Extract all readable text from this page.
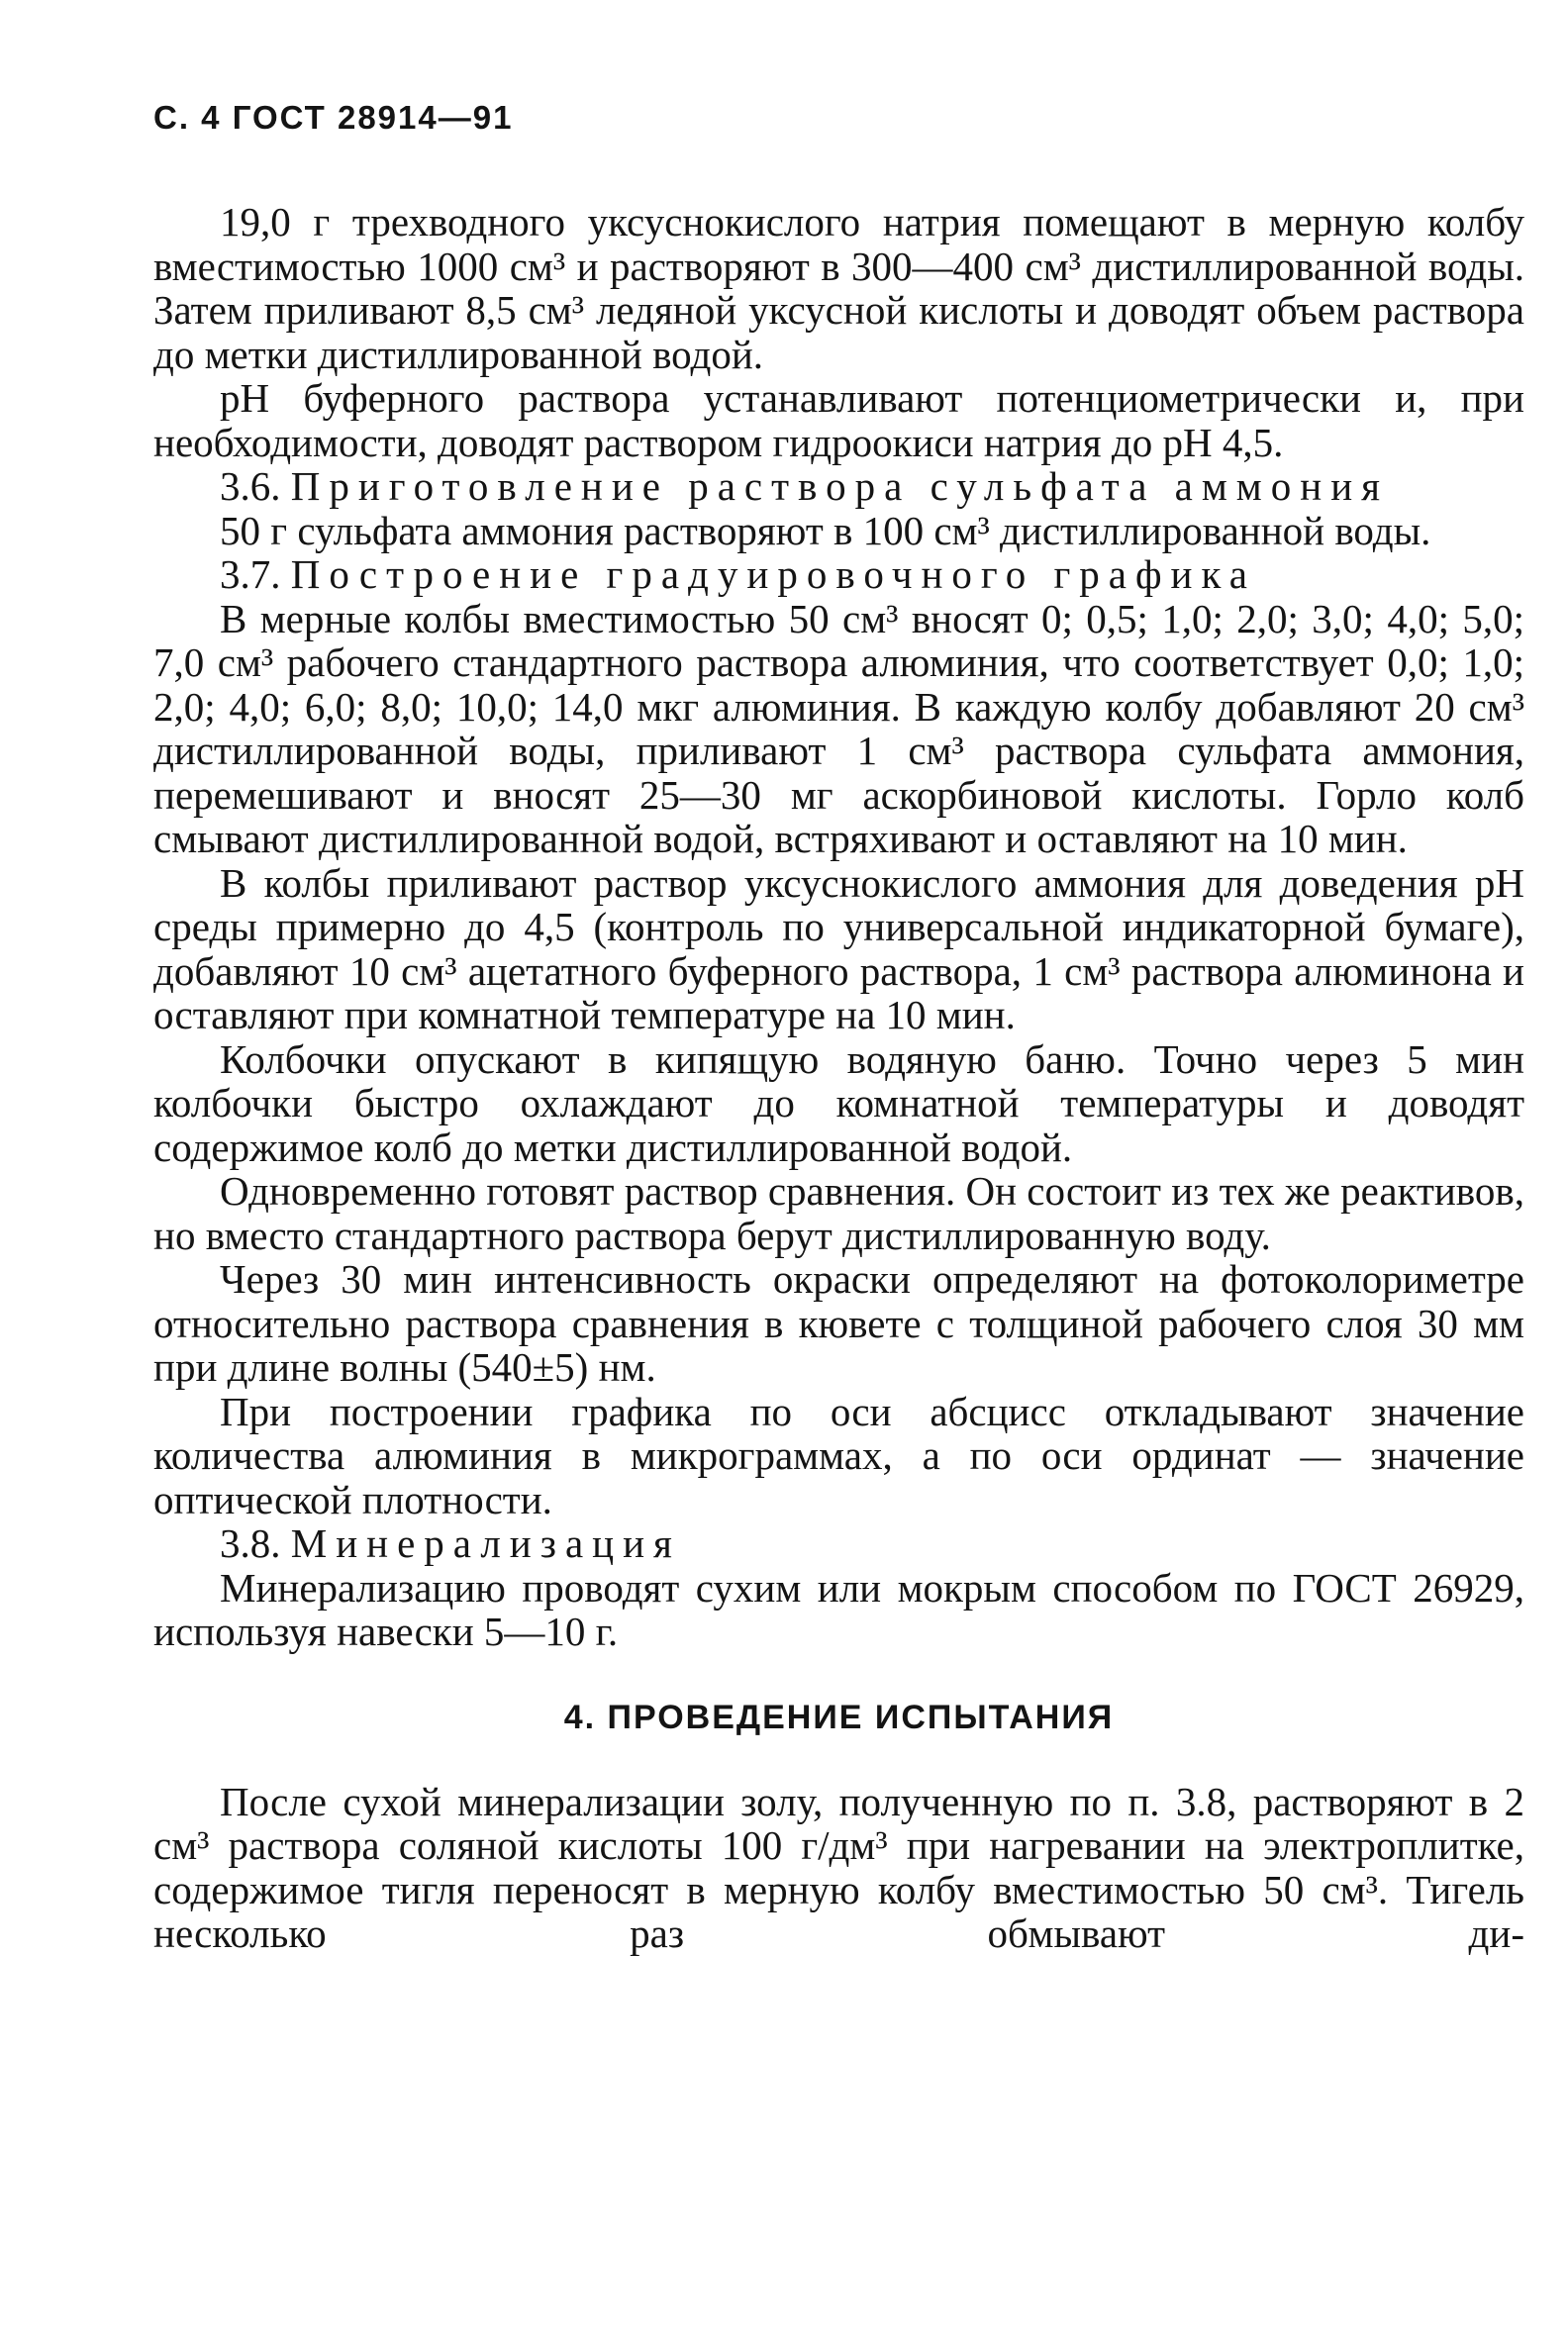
С. 4 ГОСТ 28914—91

19,0 г трехводного уксуснокислого натрия помещают в мерную колбу вместимостью 1000 см³ и растворяют в 300—400 см³ дистиллированной воды. Затем приливают 8,5 см³ ледяной уксусной кислоты и доводят объем раствора до метки дистиллированной водой.

рН буферного раствора устанавливают потенциометрически и, при необходимости, доводят раствором гидроокиси натрия до рН 4,5.

3.6. Приготовление раствора сульфата аммония

50 г сульфата аммония растворяют в 100 см³ дистиллированной воды.

3.7. Построение градуировочного графика

В мерные колбы вместимостью 50 см³ вносят 0; 0,5; 1,0; 2,0; 3,0; 4,0; 5,0; 7,0 см³ рабочего стандартного раствора алюминия, что соответствует 0,0; 1,0; 2,0; 4,0; 6,0; 8,0; 10,0; 14,0 мкг алюминия. В каждую колбу добавляют 20 см³ дистиллированной воды, приливают 1 см³ раствора сульфата аммония, перемешивают и вносят 25—30 мг аскорбиновой кислоты. Горло колб смывают дистиллированной водой, встряхивают и оставляют на 10 мин.

В колбы приливают раствор уксуснокислого аммония для доведения рН среды примерно до 4,5 (контроль по универсальной индикаторной бумаге), добавляют 10 см³ ацетатного буферного раствора, 1 см³ раствора алюминона и оставляют при комнатной температуре на 10 мин.

Колбочки опускают в кипящую водяную баню. Точно через 5 мин колбочки быстро охлаждают до комнатной температуры и доводят содержимое колб до метки дистиллированной водой.

Одновременно готовят раствор сравнения. Он состоит из тех же реактивов, но вместо стандартного раствора берут дистиллированную воду.

Через 30 мин интенсивность окраски определяют на фотоколориметре относительно раствора сравнения в кювете с толщиной рабочего слоя 30 мм при длине волны (540±5) нм.

При построении графика по оси абсцисс откладывают значение количества алюминия в микрограммах, а по оси ординат — значение оптической плотности.

3.8. Минерализация

Минерализацию проводят сухим или мокрым способом по ГОСТ 26929, используя навески 5—10 г.

4. ПРОВЕДЕНИЕ ИСПЫТАНИЯ

После сухой минерализации золу, полученную по п. 3.8, растворяют в 2 см³ раствора соляной кислоты 100 г/дм³ при нагревании на электроплитке, содержимое тигля переносят в мерную колбу вместимостью 50 см³. Тигель несколько раз обмывают ди-
